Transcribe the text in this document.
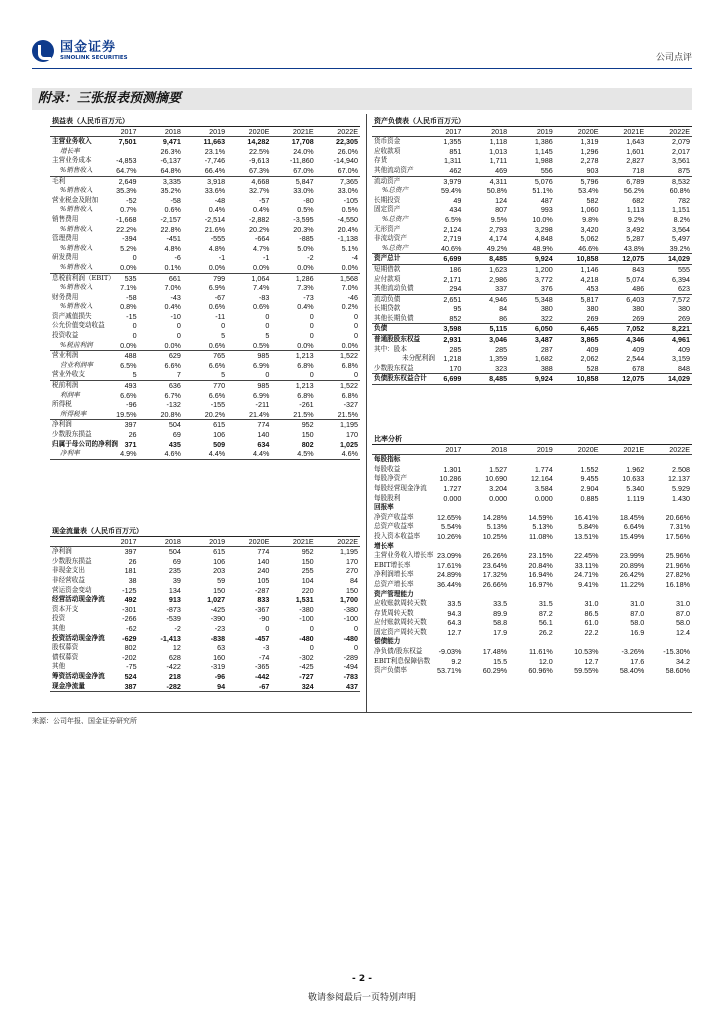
国金证券
SINOLINK SECURITIES	公司点评
附录：三张报表预测摘要
损益表（人民币百万元）						
	2017	2018	2019	2020E	2021E	2022E
主营业务收入	7,501	9,471	11,663	14,282	17,708	22,305
增长率		26.3%	23.1%	22.5%	24.0%	26.0%
主营业务成本	-4,853	-6,137	-7,746	-9,613	-11,860	-14,940
%销售收入	64.7%	64.8%	66.4%	67.3%	67.0%	67.0%
毛利	2,649	3,335	3,918	4,668	5,847	7,365
%销售收入	35.3%	35.2%	33.6%	32.7%	33.0%	33.0%
营业税金及附加	-52	-58	-48	-57	-80	-105
%销售收入	0.7%	0.6%	0.4%	0.4%	0.5%	0.5%
销售费用	-1,668	-2,157	-2,514	-2,882	-3,595	-4,550
%销售收入	22.2%	22.8%	21.6%	20.2%	20.3%	20.4%
管理费用	-394	-451	-555	-664	-885	-1,138
%销售收入	5.2%	4.8%	4.8%	4.7%	5.0%	5.1%
研发费用	0	-6	-1	-1	-2	-4
%销售收入	0.0%	0.1%	0.0%	0.0%	0.0%	0.0%
息税前利润（EBIT）	535	661	799	1,064	1,286	1,568
%销售收入	7.1%	7.0%	6.9%	7.4%	7.3%	7.0%
财务费用	-58	-43	-67	-83	-73	-46
%销售收入	0.8%	0.4%	0.6%	0.6%	0.4%	0.2%
资产减值损失	-15	-10	-11	0	0	0
公允价值变动收益	0	0	0	0	0	0
投资收益	0	0	5	5	0	0
%税前利润	0.0%	0.0%	0.6%	0.5%	0.0%	0.0%
营业利润	488	629	765	985	1,213	1,522
营业利润率	6.5%	6.6%	6.6%	6.9%	6.8%	6.8%
营业外收支	5	7	5	0	0	0
税前利润	493	636	770	985	1,213	1,522
利润率	6.6%	6.7%	6.6%	6.9%	6.8%	6.8%
所得税	-96	-132	-155	-211	-261	-327
所得税率	19.5%	20.8%	20.2%	21.4%	21.5%	21.5%
净利润	397	504	615	774	952	1,195
少数股东损益	26	69	106	140	150	170
归属于母公司的净利润	371	435	509	634	802	1,025
净利率	4.9%	4.6%	4.4%	4.4%	4.5%	4.6%
资产负债表（人民币百万元）						
	2017	2018	2019	2020E	2021E	2022E
货币资金	1,355	1,118	1,386	1,319	1,643	2,079
应收款项	851	1,013	1,145	1,296	1,601	2,017
存货	1,311	1,711	1,988	2,278	2,827	3,561
其他流动资产	462	469	556	903	718	875
流动资产	3,979	4,311	5,076	5,796	6,789	8,532
%总资产	59.4%	50.8%	51.1%	53.4%	56.2%	60.8%
长期投资	49	124	487	582	682	782
固定资产	434	807	993	1,060	1,113	1,151
%总资产	6.5%	9.5%	10.0%	9.8%	9.2%	8.2%
无形资产	2,124	2,793	3,298	3,420	3,492	3,564
非流动资产	2,719	4,174	4,848	5,062	5,287	5,497
%总资产	40.6%	49.2%	48.9%	46.6%	43.8%	39.2%
资产总计	6,699	8,485	9,924	10,858	12,075	14,029
短期借款	186	1,623	1,200	1,146	843	555
应付款项	2,171	2,986	3,772	4,218	5,074	6,394
其他流动负债	294	337	376	453	486	623
流动负债	2,651	4,946	5,348	5,817	6,403	7,572
长期贷款	95	84	380	380	380	380
其他长期负债	852	86	322	269	269	269
负债	3,598	5,115	6,050	6,465	7,052	8,221
普通股股东权益	2,931	3,046	3,487	3,865	4,346	4,961
其中：股本	285	285	287	409	409	409
未分配利润	1,218	1,359	1,682	2,062	2,544	3,159
少数股东权益	170	323	388	528	678	848
负债股东权益合计	6,699	8,485	9,924	10,858	12,075	14,029
比率分析						
	2017	2018	2019	2020E	2021E	2022E
每股指标						
每股收益	1.301	1.527	1.774	1.552	1.962	2.508
每股净资产	10.286	10.690	12.164	9.455	10.633	12.137
每股经营现金净流	1.727	3.204	3.584	2.904	5.340	5.929
每股股利	0.000	0.000	0.000	0.885	1.119	1.430
回报率						
净资产收益率	12.65%	14.28%	14.59%	16.41%	18.45%	20.66%
总资产收益率	5.54%	5.13%	5.13%	5.84%	6.64%	7.31%
投入资本收益率	10.26%	10.25%	11.08%	13.51%	15.49%	17.56%
增长率						
主营业务收入增长率	23.09%	26.26%	23.15%	22.45%	23.99%	25.96%
EBIT增长率	17.61%	23.64%	20.84%	33.11%	20.89%	21.96%
净利润增长率	24.89%	17.32%	16.94%	24.71%	26.42%	27.82%
总资产增长率	36.44%	26.66%	16.97%	9.41%	11.22%	16.18%
资产管理能力						
应收账款周转天数	33.5	33.5	31.5	31.0	31.0	31.0
存货周转天数	94.3	89.9	87.2	86.5	87.0	87.0
应付账款周转天数	64.3	58.8	56.1	61.0	58.0	58.0
固定资产周转天数	12.7	17.9	26.2	22.2	16.9	12.4
偿债能力						
净负债/股东权益	-9.03%	17.48%	11.61%	10.53%	-3.26%	-15.30%
EBIT利息保障倍数	9.2	15.5	12.0	12.7	17.6	34.2
资产负债率	53.71%	60.29%	60.96%	59.55%	58.40%	58.60%
现金流量表（人民币百万元）						
	2017	2018	2019	2020E	2021E	2022E
净利润	397	504	615	774	952	1,195
少数股东损益	26	69	106	140	150	170
非现金支出	181	235	203	240	255	270
非经营收益	38	39	59	105	104	84
营运资金变动	-125	134	150	-287	220	150
经营活动现金净流	492	913	1,027	833	1,531	1,700
资本开支	-301	-873	-425	-367	-380	-380
投资	-266	-539	-390	-90	-100	-100
其他	-62	-2	-23	0	0	0
投资活动现金净流	-629	-1,413	-838	-457	-480	-480
股权募资	802	12	63	-3	0	0
债权募资	-202	628	160	-74	-302	-289
其他	-75	-422	-319	-365	-425	-494
筹资活动现金净流	524	218	-96	-442	-727	-783
现金净流量	387	-282	94	-67	324	437
来源：公司年报、国金证券研究所
- 2 -
敬请参阅最后一页特别声明
